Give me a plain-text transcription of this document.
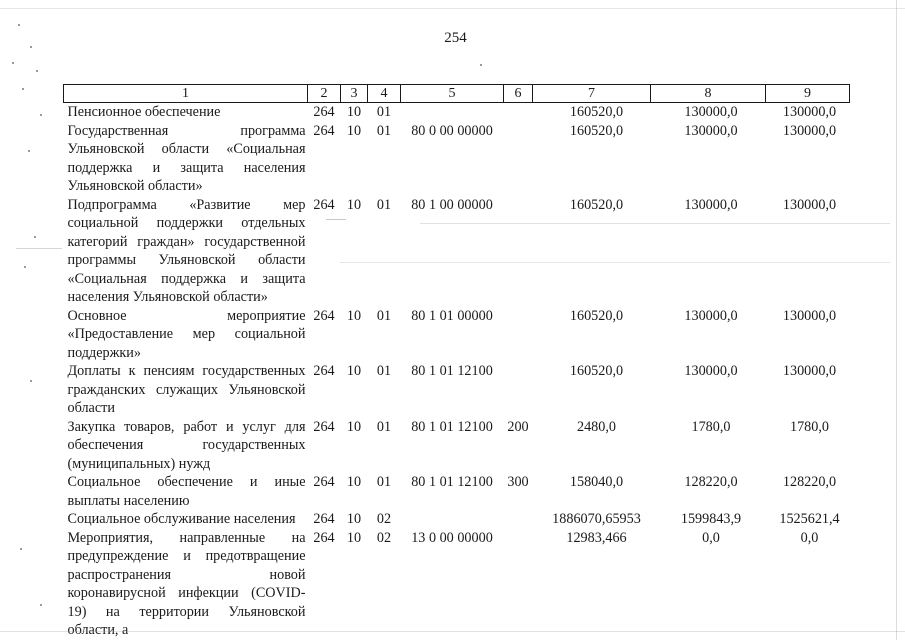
254
1	2	3	4	5	6	7	8	9
Пенсионное обеспечение	264	10	01			160520,0	130000,0	130000,0
Государственная программа Ульяновской области «Социальная поддержка и защита населения Ульяновской области»	264	10	01	80 0 00 00000		160520,0	130000,0	130000,0
Подпрограмма «Развитие мер социальной поддержки отдельных категорий граждан» государственной программы Ульяновской области «Социальная поддержка и защита населения Ульяновской области»	264	10	01	80 1 00 00000		160520,0	130000,0	130000,0
Основное мероприятие «Предоставление мер социальной поддержки»	264	10	01	80 1 01 00000		160520,0	130000,0	130000,0
Доплаты к пенсиям государственных гражданских служащих Ульяновской области	264	10	01	80 1 01 12100		160520,0	130000,0	130000,0
Закупка товаров, работ и услуг для обеспечения государственных (муниципальных) нужд	264	10	01	80 1 01 12100	200	2480,0	1780,0	1780,0
Социальное обеспечение и иные выплаты населению	264	10	01	80 1 01 12100	300	158040,0	128220,0	128220,0
Социальное обслуживание населения	264	10	02			1886070,65953	1599843,9	1525621,4
Мероприятия, направленные на предупреждение и предотвращение распространения новой коронавирусной инфекции (COVID-19) на территории Ульяновской области, а	264	10	02	13 0 00 00000		12983,466	0,0	0,0
